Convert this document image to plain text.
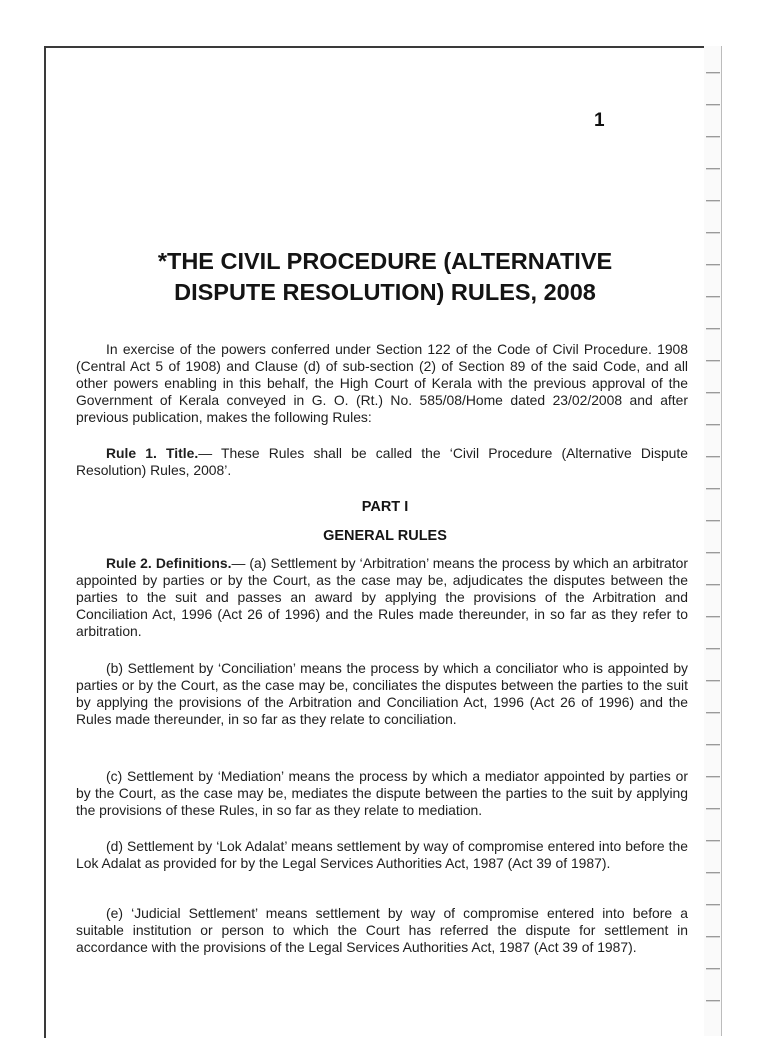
1
*THE CIVIL PROCEDURE (ALTERNATIVE
DISPUTE RESOLUTION) RULES, 2008
In exercise of the powers conferred under Section 122 of the Code of Civil Procedure. 1908 (Central Act 5 of 1908) and Clause (d) of sub-section (2) of Section 89 of the said Code, and all other powers enabling in this behalf, the High Court of Kerala with the previous approval of the Government of Kerala conveyed in G. O. (Rt.) No. 585/08/Home dated 23/02/2008 and after previous publication, makes the following Rules:
Rule 1. Title.— These Rules shall be called the ‘Civil Procedure (Alternative Dispute Resolution) Rules, 2008’.
PART I
GENERAL RULES
Rule 2. Definitions.— (a) Settlement by ‘Arbitration’ means the process by which an arbitrator appointed by parties or by the Court, as the case may be, adjudicates the disputes between the parties to the suit and passes an award by applying the provisions of the Arbitration and Conciliation Act, 1996 (Act 26 of 1996) and the Rules made thereunder, in so far as they refer to arbitration.
(b) Settlement by ‘Conciliation’ means the process by which a conciliator who is appointed by parties or by the Court, as the case may be, conciliates the disputes between the parties to the suit by applying the provisions of the Arbitration and Conciliation Act, 1996 (Act 26 of 1996) and the Rules made thereunder, in so far as they relate to conciliation.
(c) Settlement by ‘Mediation’ means the process by which a mediator appointed by parties or by the Court, as the case may be, mediates the dispute between the parties to the suit by applying the provisions of these Rules, in so far as they relate to mediation.
(d) Settlement by ‘Lok Adalat’ means settlement by way of compromise entered into before the Lok Adalat as provided for by the Legal Services Authorities Act, 1987 (Act 39 of 1987).
(e) ‘Judicial Settlement’ means settlement by way of compromise entered into before a suitable institution or person to which the Court has referred the dispute for settlement in accordance with the provisions of the Legal Services Authorities Act, 1987 (Act 39 of 1987).
